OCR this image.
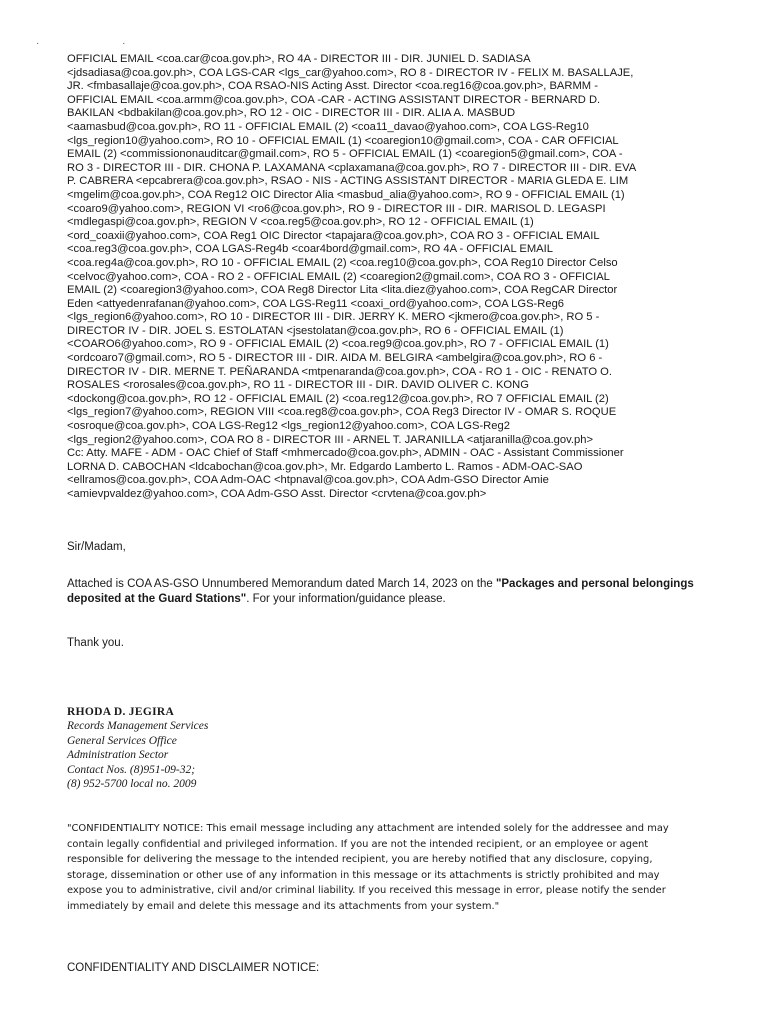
· ·
OFFICIAL EMAIL <coa.car@coa.gov.ph>, RO 4A - DIRECTOR III - DIR. JUNIEL D. SADIASA
<jdsadiasa@coa.gov.ph>, COA LGS-CAR <lgs_car@yahoo.com>, RO 8 - DIRECTOR IV - FELIX M. BASALLAJE,
JR. <fmbasallaje@coa.gov.ph>, COA RSAO-NIS Acting Asst. Director <coa.reg16@coa.gov.ph>, BARMM -
OFFICIAL EMAIL <coa.armm@coa.gov.ph>, COA -CAR - ACTING ASSISTANT DIRECTOR - BERNARD D.
BAKILAN <bdbakilan@coa.gov.ph>, RO 12 - OIC - DIRECTOR III - DIR. ALIA A. MASBUD
<aamasbud@coa.gov.ph>, RO 11 - OFFICIAL EMAIL (2) <coa11_davao@yahoo.com>, COA LGS-Reg10
<lgs_region10@yahoo.com>, RO 10 - OFFICIAL EMAIL (1) <coaregion10@gmail.com>, COA - CAR OFFICIAL
EMAIL (2) <commissiononauditcar@gmail.com>, RO 5 - OFFICIAL EMAIL (1) <coaregion5@gmail.com>, COA -
RO 3 - DIRECTOR III - DIR. CHONA P. LAXAMANA <cplaxamana@coa.gov.ph>, RO 7 - DIRECTOR III - DIR. EVA
P. CABRERA <epcabrera@coa.gov.ph>, RSAO - NIS - ACTING ASSISTANT DIRECTOR - MARIA GLEDA E. LIM
<mgelim@coa.gov.ph>, COA Reg12 OIC Director Alia <masbud_alia@yahoo.com>, RO 9 - OFFICIAL EMAIL (1)
<coaro9@yahoo.com>, REGION VI <ro6@coa.gov.ph>, RO 9 - DIRECTOR III - DIR. MARISOL D. LEGASPI
<mdlegaspi@coa.gov.ph>, REGION V <coa.reg5@coa.gov.ph>, RO 12 - OFFICIAL EMAIL (1)
<ord_coaxii@yahoo.com>, COA Reg1 OIC Director <tapajara@coa.gov.ph>, COA RO 3 - OFFICIAL EMAIL
<coa.reg3@coa.gov.ph>, COA LGAS-Reg4b <coar4bord@gmail.com>, RO 4A - OFFICIAL EMAIL
<coa.reg4a@coa.gov.ph>, RO 10 - OFFICIAL EMAIL (2) <coa.reg10@coa.gov.ph>, COA Reg10 Director Celso
<celvoc@yahoo.com>, COA - RO 2 - OFFICIAL EMAIL (2) <coaregion2@gmail.com>, COA RO 3 - OFFICIAL
EMAIL (2) <coaregion3@yahoo.com>, COA Reg8 Director Lita <lita.diez@yahoo.com>, COA RegCAR Director
Eden <attyedenrafanan@yahoo.com>, COA LGS-Reg11 <coaxi_ord@yahoo.com>, COA LGS-Reg6
<lgs_region6@yahoo.com>, RO 10 - DIRECTOR III - DIR. JERRY K. MERO <jkmero@coa.gov.ph>, RO 5 -
DIRECTOR IV - DIR. JOEL S. ESTOLATAN <jsestolatan@coa.gov.ph>, RO 6 - OFFICIAL EMAIL (1)
<COARO6@yahoo.com>, RO 9 - OFFICIAL EMAIL (2) <coa.reg9@coa.gov.ph>, RO 7 - OFFICIAL EMAIL (1)
<ordcoaro7@gmail.com>, RO 5 - DIRECTOR III - DIR. AIDA M. BELGIRA <ambelgira@coa.gov.ph>, RO 6 -
DIRECTOR IV - DIR. MERNE T. PEÑARANDA <mtpenaranda@coa.gov.ph>, COA - RO 1 - OIC - RENATO O.
ROSALES <rorosales@coa.gov.ph>, RO 11 - DIRECTOR III - DIR. DAVID OLIVER C. KONG
<dockong@coa.gov.ph>, RO 12 - OFFICIAL EMAIL (2) <coa.reg12@coa.gov.ph>, RO 7 OFFICIAL EMAIL (2)
<lgs_region7@yahoo.com>, REGION VIII <coa.reg8@coa.gov.ph>, COA Reg3 Director IV - OMAR S. ROQUE
<osroque@coa.gov.ph>, COA LGS-Reg12 <lgs_region12@yahoo.com>, COA LGS-Reg2
<lgs_region2@yahoo.com>, COA RO 8 - DIRECTOR III - ARNEL T. JARANILLA <atjaranilla@coa.gov.ph>
Cc: Atty. MAFE - ADM - OAC Chief of Staff <mhmercado@coa.gov.ph>, ADMIN - OAC - Assistant Commissioner
LORNA D. CABOCHAN <ldcabochan@coa.gov.ph>, Mr. Edgardo Lamberto L. Ramos - ADM-OAC-SAO
<ellramos@coa.gov.ph>, COA Adm-OAC <htpnaval@coa.gov.ph>, COA Adm-GSO Director Amie
<amievpvaldez@yahoo.com>, COA Adm-GSO Asst. Director <crvtena@coa.gov.ph>
Sir/Madam,
Attached is COA AS-GSO Unnumbered Memorandum dated March 14, 2023 on the "Packages and personal belongings deposited at the Guard Stations". For your information/guidance please.
Thank you.
RHODA D. JEGIRA
Records Management Services
General Services Office
Administration Sector
Contact Nos. (8)951-09-32;
(8) 952-5700 local no. 2009
"CONFIDENTIALITY NOTICE: This email message including any attachment are intended solely for the addressee and may
contain legally confidential and privileged information. If you are not the intended recipient, or an employee or agent
responsible for delivering the message to the intended recipient, you are hereby notified that any disclosure, copying,
storage, dissemination or other use of any information in this message or its attachments is strictly prohibited and may
expose you to administrative, civil and/or criminal liability. If you received this message in error, please notify the sender
immediately by email and delete this message and its attachments from your system."
CONFIDENTIALITY AND DISCLAIMER NOTICE:
